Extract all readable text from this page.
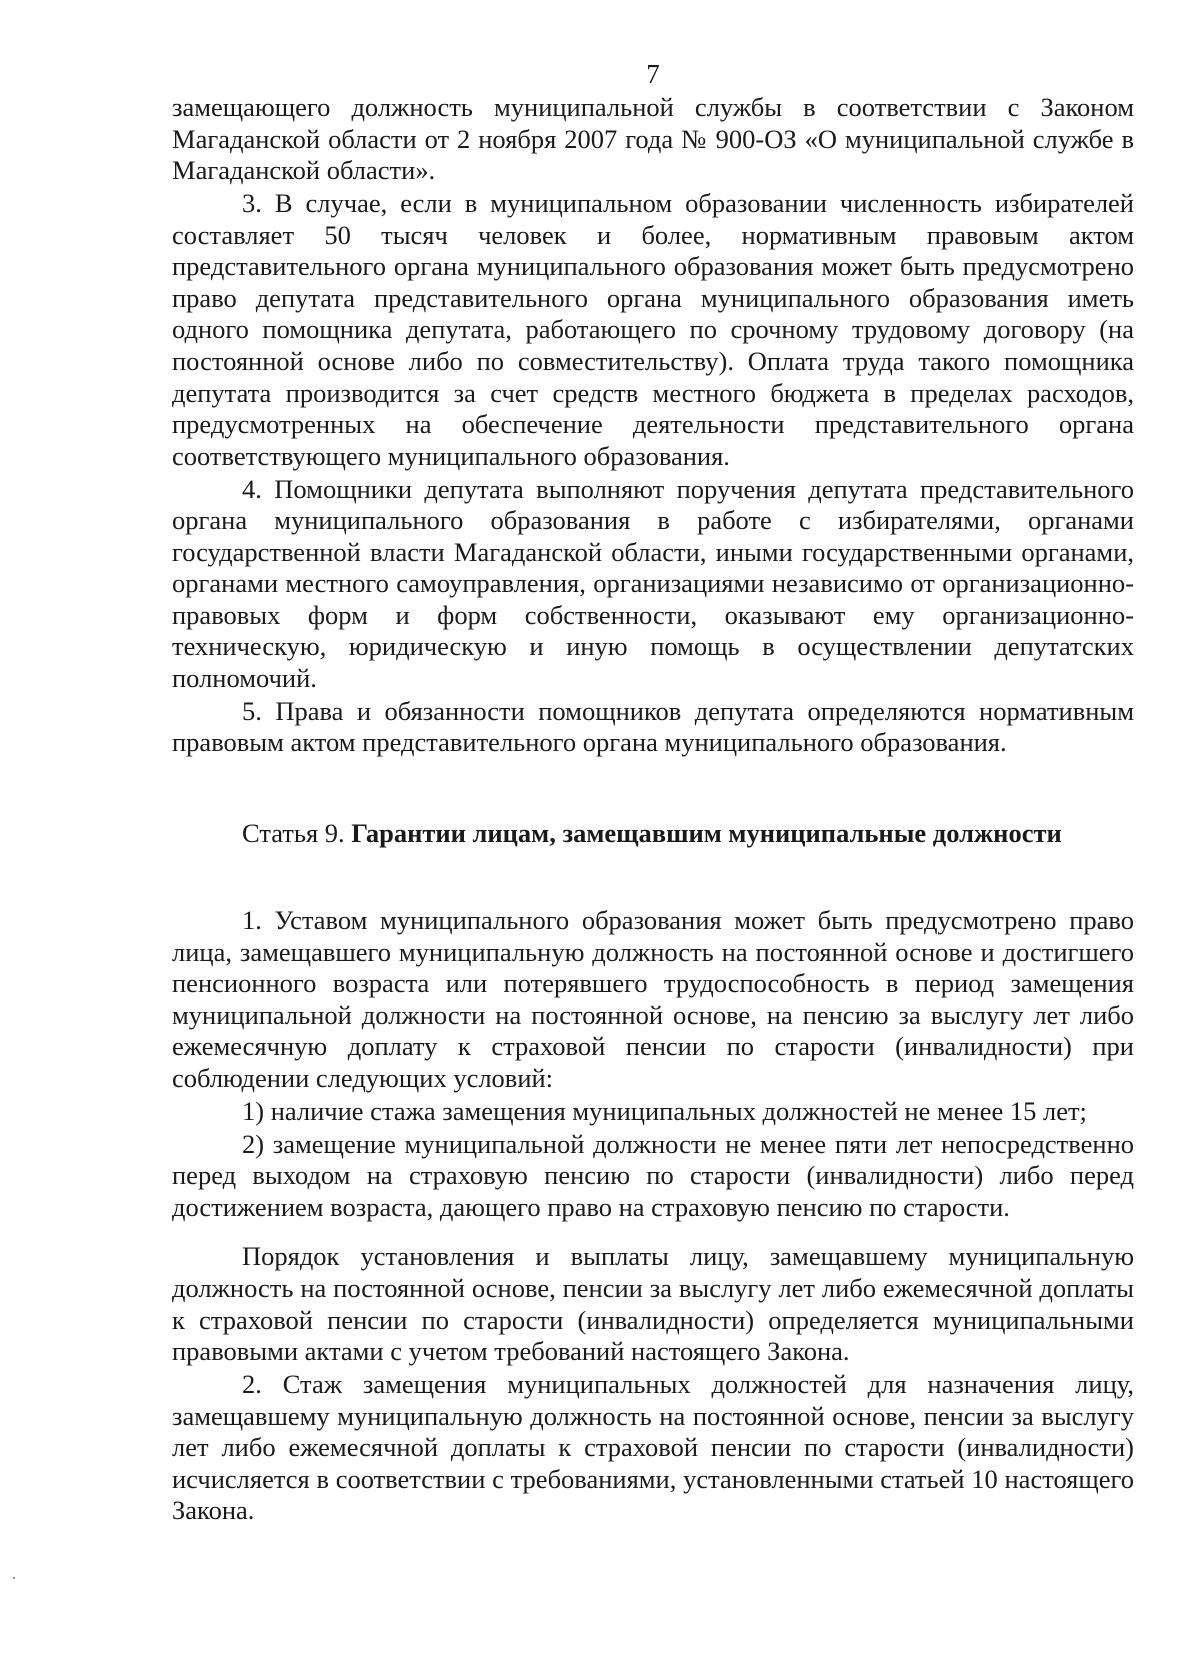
7

замещающего должность муниципальной службы в соответствии с Законом Магаданской области от 2 ноября 2007 года № 900-ОЗ «О муниципальной службе в Магаданской области».

3. В случае, если в муниципальном образовании численность избирателей составляет 50 тысяч человек и более, нормативным правовым актом представительного органа муниципального образования может быть предусмотрено право депутата представительного органа муниципального образования иметь одного помощника депутата, работающего по срочному трудовому договору (на постоянной основе либо по совместительству). Оплата труда такого помощника депутата производится за счет средств местного бюджета в пределах расходов, предусмотренных на обеспечение деятельности представительного органа соответствующего муниципального образования.

4. Помощники депутата выполняют поручения депутата представительного органа муниципального образования в работе с избирателями, органами государственной власти Магаданской области, иными государственными органами, органами местного самоуправления, организациями независимо от организационно-правовых форм и форм собственности, оказывают ему организационно-техническую, юридическую и иную помощь в осуществлении депутатских полномочий.

5. Права и обязанности помощников депутата определяются нормативным правовым актом представительного органа муниципального образования.

Статья 9. Гарантии лицам, замещавшим муниципальные должности

1. Уставом муниципального образования может быть предусмотрено право лица, замещавшего муниципальную должность на постоянной основе и достигшего пенсионного возраста или потерявшего трудоспособность в период замещения муниципальной должности на постоянной основе, на пенсию за выслугу лет либо ежемесячную доплату к страховой пенсии по старости (инвалидности) при соблюдении следующих условий:

1) наличие стажа замещения муниципальных должностей не менее 15 лет;

2) замещение муниципальной должности не менее пяти лет непосредственно перед выходом на страховую пенсию по старости (инвалидности) либо перед достижением возраста, дающего право на страховую пенсию по старости.

Порядок установления и выплаты лицу, замещавшему муниципальную должность на постоянной основе, пенсии за выслугу лет либо ежемесячной доплаты к страховой пенсии по старости (инвалидности) определяется муниципальными правовыми актами с учетом требований настоящего Закона.

2. Стаж замещения муниципальных должностей для назначения лицу, замещавшему муниципальную должность на постоянной основе, пенсии за выслугу лет либо ежемесячной доплаты к страховой пенсии по старости (инвалидности) исчисляется в соответствии с требованиями, установленными статьей 10 настоящего Закона.
